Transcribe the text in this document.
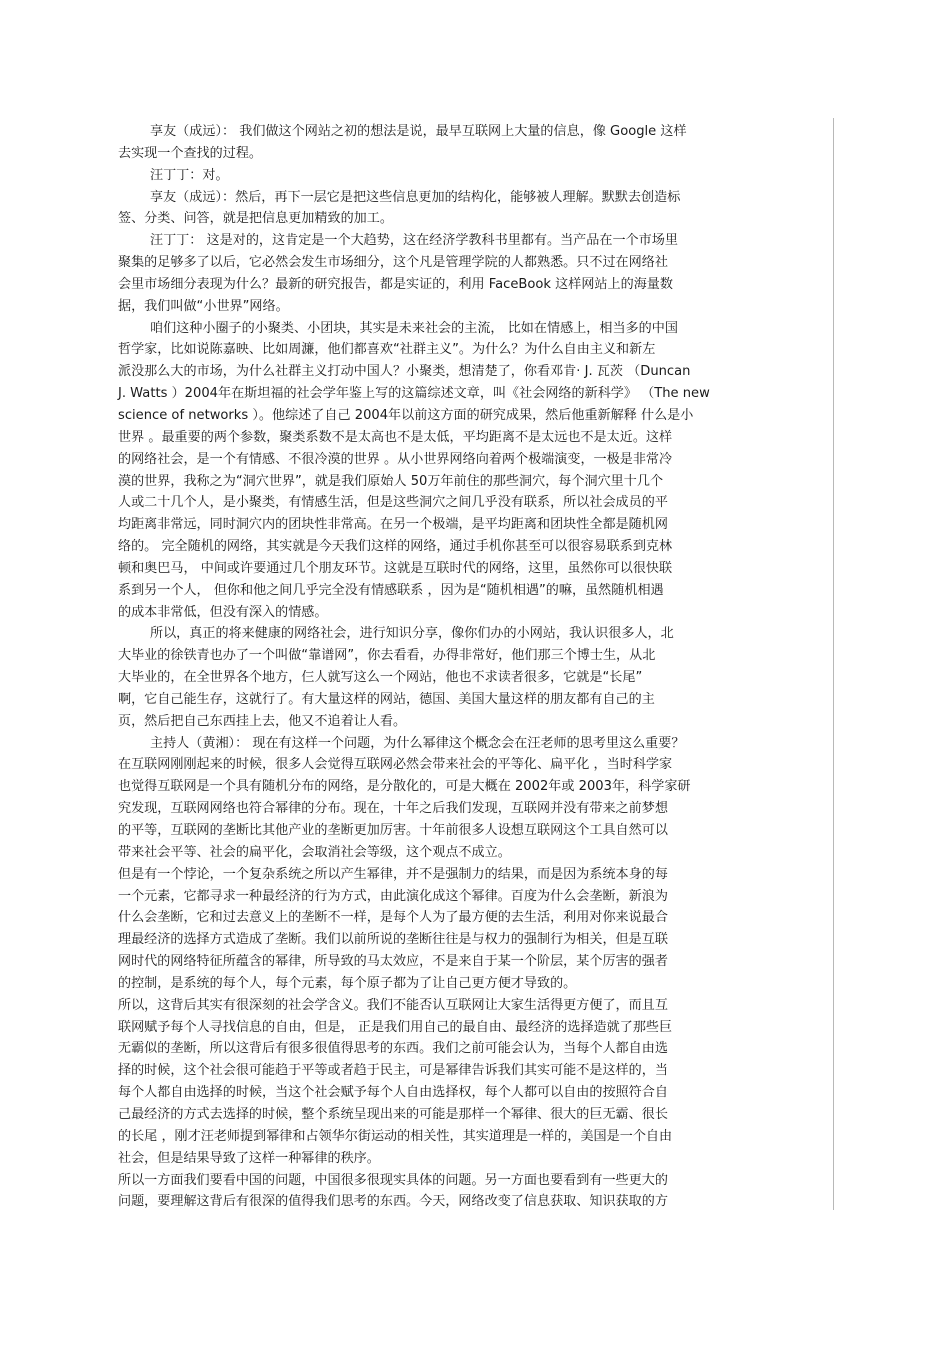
享友（成远）： 我们做这个网站之初的想法是说，最早互联网上大量的信息，像 Google 这样
去实现一个查找的过程。
汪丁丁：对。
享友（成远）：然后，再下一层它是把这些信息更加的结构化，能够被人理解。默默去创造标
签、分类、问答，就是把信息更加精致的加工。
汪丁丁： 这是对的，这肯定是一个大趋势，这在经济学教科书里都有。当产品在一个市场里
聚集的足够多了以后，它必然会发生市场细分，这个凡是管理学院的人都熟悉。只不过在网络社
会里市场细分表现为什么？最新的研究报告，都是实证的，利用 FaceBook 这样网站上的海量数
据，我们叫做“小世界”网络。
咱们这种小圈子的小聚类、小团块，其实是未来社会的主流， 比如在情感上，相当多的中国
哲学家，比如说陈嘉映、比如周濂，他们都喜欢“社群主义”。为什么？为什么自由主义和新左
派没那么大的市场，为什么社群主义打动中国人？小聚类，想清楚了，你看邓肯· J. 瓦茨 （Duncan
J. Watts ）2004年在斯坦福的社会学年鉴上写的这篇综述文章，叫《社会网络的新科学》 （The new
science of networks ）。他综述了自己 2004年以前这方面的研究成果，然后他重新解释 什么是小
世界 。最重要的两个参数，聚类系数不是太高也不是太低，平均距离不是太远也不是太近。这样
的网络社会，是一个有情感、不很冷漠的世界 。从小世界网络向着两个极端演变，一极是非常冷
漠的世界，我称之为“洞穴世界”，就是我们原始人 50万年前住的那些洞穴，每个洞穴里十几个
人或二十几个人，是小聚类，有情感生活，但是这些洞穴之间几乎没有联系，所以社会成员的平
均距离非常远，同时洞穴内的团块性非常高。在另一个极端，是平均距离和团块性全都是随机网
络的。 完全随机的网络，其实就是今天我们这样的网络，通过手机你甚至可以很容易联系到克林
顿和奥巴马， 中间或许要通过几个朋友环节。这就是互联时代的网络，这里，虽然你可以很快联
系到另一个人， 但你和他之间几乎完全没有情感联系 ，因为是“随机相遇”的嘛，虽然随机相遇
的成本非常低，但没有深入的情感。
所以，真正的将来健康的网络社会，进行知识分享，像你们办的小网站，我认识很多人，北
大毕业的徐铁青也办了一个叫做“靠谱网”，你去看看，办得非常好，他们那三个博士生，从北
大毕业的，在全世界各个地方，仨人就写这么一个网站，他也不求读者很多，它就是“长尾”
啊，它自己能生存，这就行了。有大量这样的网站，德国、美国大量这样的朋友都有自己的主
页，然后把自己东西挂上去，他又不追着让人看。
主持人（黄湘）： 现在有这样一个问题，为什么幂律这个概念会在汪老师的思考里这么重要？
在互联网刚刚起来的时候，很多人会觉得互联网必然会带来社会的平等化、扁平化 ，当时科学家
也觉得互联网是一个具有随机分布的网络，是分散化的，可是大概在 2002年或 2003年，科学家研
究发现，互联网网络也符合幂律的分布。现在，十年之后我们发现，互联网并没有带来之前梦想
的平等，互联网的垄断比其他产业的垄断更加厉害。十年前很多人设想互联网这个工具自然可以
带来社会平等、社会的扁平化，会取消社会等级，这个观点不成立。
但是有一个悖论，一个复杂系统之所以产生幂律，并不是强制力的结果，而是因为系统本身的每
一个元素，它都寻求一种最经济的行为方式，由此演化成这个幂律。百度为什么会垄断，新浪为
什么会垄断，它和过去意义上的垄断不一样，是每个人为了最方便的去生活，利用对你来说最合
理最经济的选择方式造成了垄断。我们以前所说的垄断往往是与权力的强制行为相关，但是互联
网时代的网络特征所蕴含的幂律，所导致的马太效应，不是来自于某一个阶层，某个厉害的强者
的控制，是系统的每个人，每个元素，每个原子都为了让自己更方便才导致的。
所以，这背后其实有很深刻的社会学含义。我们不能否认互联网让大家生活得更方便了，而且互
联网赋予每个人寻找信息的自由，但是， 正是我们用自己的最自由、最经济的选择造就了那些巨
无霸似的垄断，所以这背后有很多很值得思考的东西。我们之前可能会认为，当每个人都自由选
择的时候，这个社会很可能趋于平等或者趋于民主，可是幂律告诉我们其实可能不是这样的，当
每个人都自由选择的时候，当这个社会赋予每个人自由选择权，每个人都可以自由的按照符合自
己最经济的方式去选择的时候，整个系统呈现出来的可能是那样一个幂律、很大的巨无霸、很长
的长尾 ，刚才汪老师提到幂律和占领华尔街运动的相关性，其实道理是一样的，美国是一个自由
社会，但是结果导致了这样一种幂律的秩序。
所以一方面我们要看中国的问题，中国很多很现实具体的问题。另一方面也要看到有一些更大的
问题，要理解这背后有很深的值得我们思考的东西。今天，网络改变了信息获取、知识获取的方
